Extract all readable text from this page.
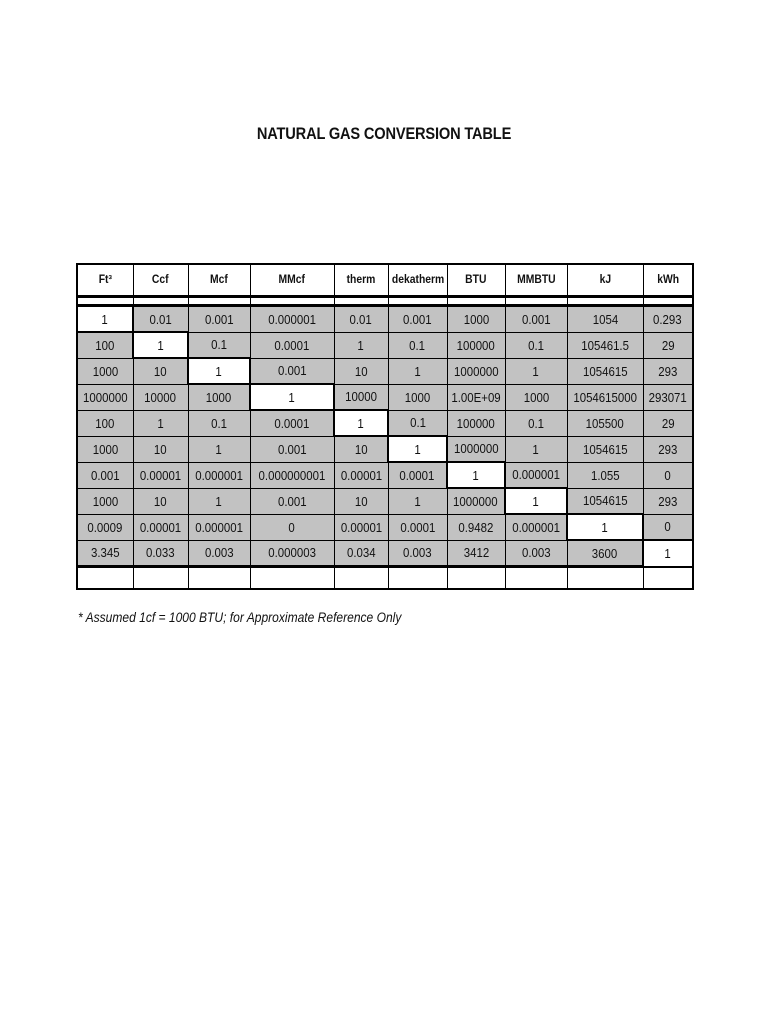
NATURAL GAS CONVERSION TABLE
Ft³	Ccf	Mcf	MMcf	therm	dekatherm	BTU	MMBTU	kJ	kWh

1	0.01	0.001	0.000001	0.01	0.001	1000	0.001	1054	0.293
100	1	0.1	0.0001	1	0.1	100000	0.1	105461.5	29
1000	10	1	0.001	10	1	1000000	1	1054615	293
1000000	10000	1000	1	10000	1000	1.00E+09	1000	1054615000	293071
100	1	0.1	0.0001	1	0.1	100000	0.1	105500	29
1000	10	1	0.001	10	1	1000000	1	1054615	293
0.001	0.00001	0.000001	0.000000001	0.00001	0.0001	1	0.000001	1.055	0
1000	10	1	0.001	10	1	1000000	1	1054615	293
0.0009	0.00001	0.000001	0	0.00001	0.0001	0.9482	0.000001	1	0
3.345	0.033	0.003	0.000003	0.034	0.003	3412	0.003	3600	1

* Assumed 1cf = 1000 BTU; for Approximate Reference Only
